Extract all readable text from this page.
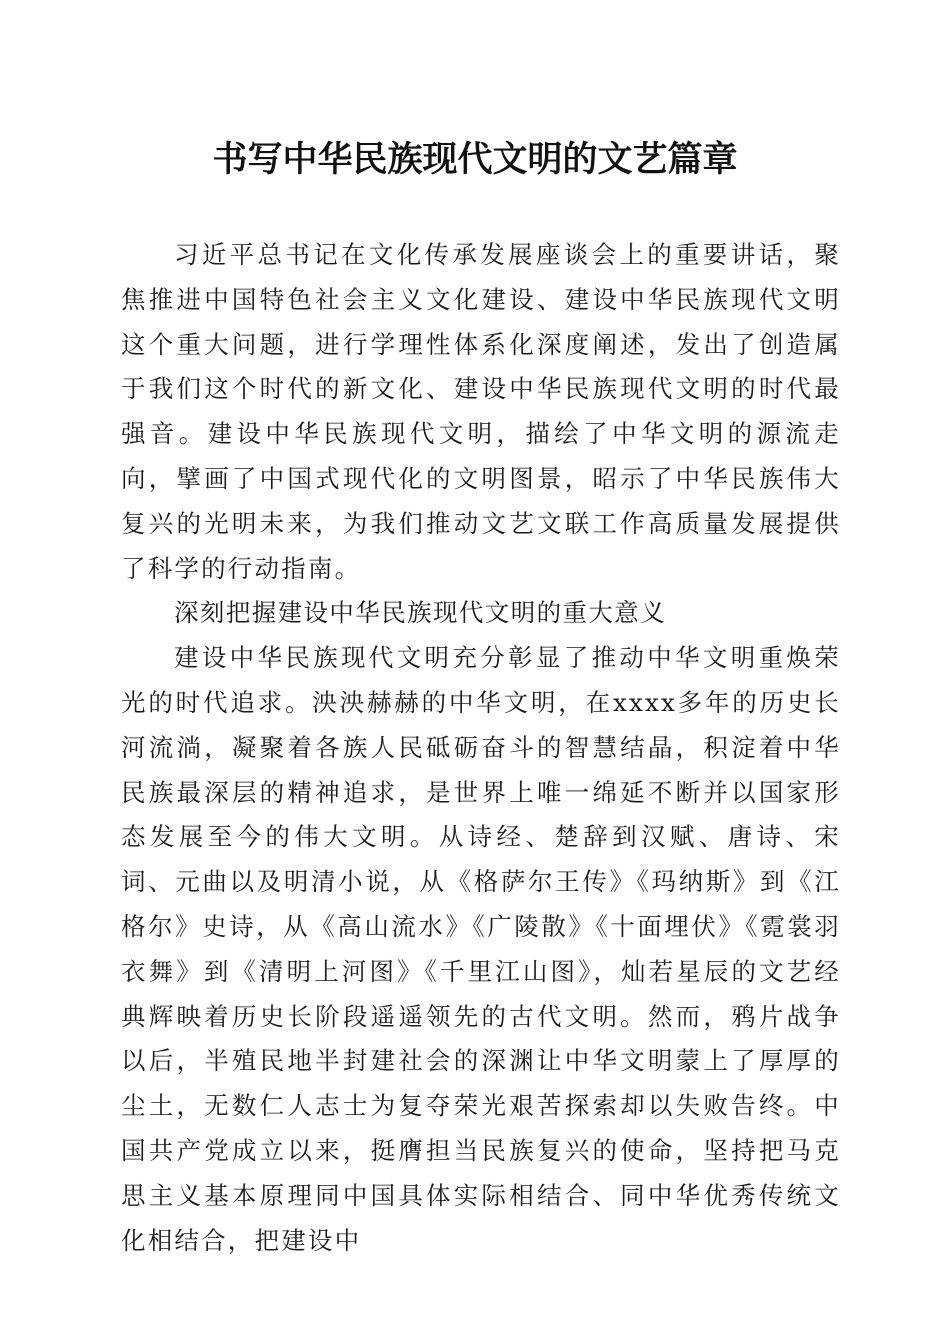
书写中华民族现代文明的文艺篇章

习近平总书记在文化传承发展座谈会上的重要讲话，聚焦推进中国特色社会主义文化建设、建设中华民族现代文明这个重大问题，进行学理性体系化深度阐述，发出了创造属于我们这个时代的新文化、建设中华民族现代文明的时代最强音。建设中华民族现代文明，描绘了中华文明的源流走向，擘画了中国式现代化的文明图景，昭示了中华民族伟大复兴的光明未来，为我们推动文艺文联工作高质量发展提供了科学的行动指南。

深刻把握建设中华民族现代文明的重大意义

建设中华民族现代文明充分彰显了推动中华文明重焕荣光的时代追求。泱泱赫赫的中华文明，在xxxx多年的历史长河流淌，凝聚着各族人民砥砺奋斗的智慧结晶，积淀着中华民族最深层的精神追求，是世界上唯一绵延不断并以国家形态发展至今的伟大文明。从诗经、楚辞到汉赋、唐诗、宋词、元曲以及明清小说，从《格萨尔王传》《玛纳斯》到《江格尔》史诗，从《高山流水》《广陵散》《十面埋伏》《霓裳羽衣舞》到《清明上河图》《千里江山图》，灿若星辰的文艺经典辉映着历史长阶段遥遥领先的古代文明。然而，鸦片战争以后，半殖民地半封建社会的深渊让中华文明蒙上了厚厚的尘土，无数仁人志士为复夺荣光艰苦探索却以失败告终。中国共产党成立以来，挺膺担当民族复兴的使命，坚持把马克思主义基本原理同中国具体实际相结合、同中华优秀传统文化相结合，把建设中
